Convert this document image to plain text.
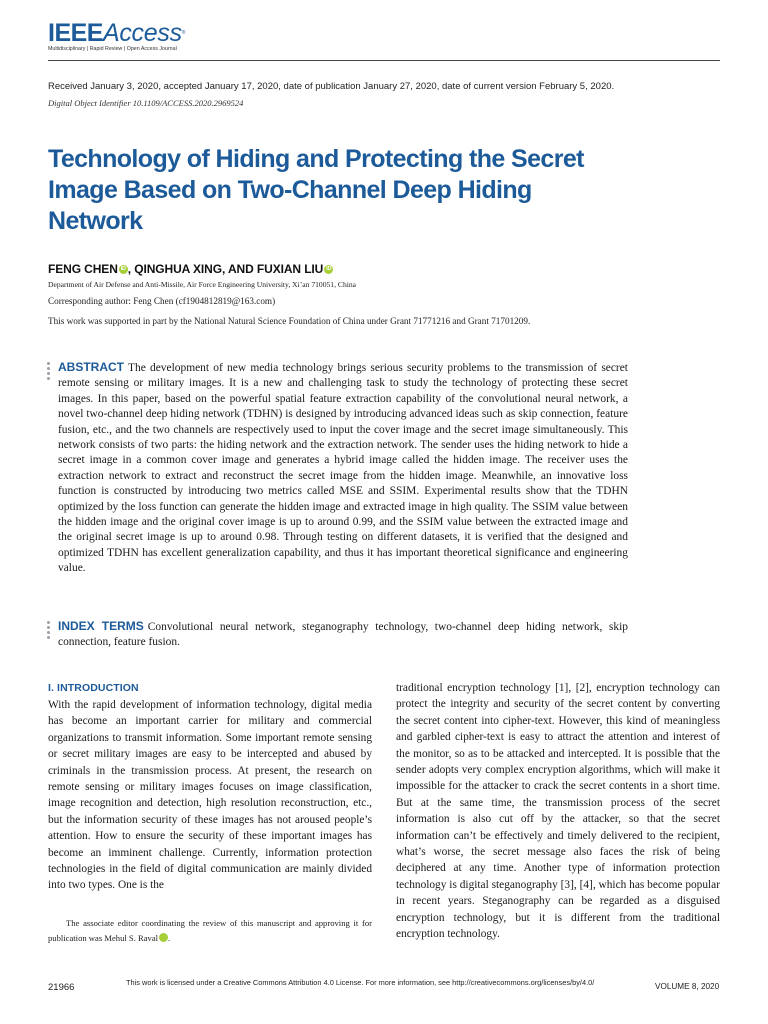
IEEEAccess®
Multidisciplinary | Rapid Review | Open Access Journal
Received January 3, 2020, accepted January 17, 2020, date of publication January 27, 2020, date of current version February 5, 2020.
Digital Object Identifier 10.1109/ACCESS.2020.2969524
Technology of Hiding and Protecting the Secret Image Based on Two-Channel Deep Hiding Network
FENG CHEN iD , QINGHUA XING, AND FUXIAN LIU iD
Department of Air Defense and Anti-Missile, Air Force Engineering University, Xi’an 710051, China
Corresponding author: Feng Chen (cf1904812819@163.com)
This work was supported in part by the National Natural Science Foundation of China under Grant 71771216 and Grant 71701209.

ABSTRACT The development of new media technology brings serious security problems to the transmission of secret remote sensing or military images. It is a new and challenging task to study the technology of protecting these secret images. In this paper, based on the powerful spatial feature extraction capability of the convolutional neural network, a novel two-channel deep hiding network (TDHN) is designed by introducing advanced ideas such as skip connection, feature fusion, etc., and the two channels are respectively used to input the cover image and the secret image simultaneously. This network consists of two parts: the hiding network and the extraction network. The sender uses the hiding network to hide a secret image in a common cover image and generates a hybrid image called the hidden image. The receiver uses the extraction network to extract and reconstruct the secret image from the hidden image. Meanwhile, an innovative loss function is constructed by introducing two metrics called MSE and SSIM. Experimental results show that the TDHN optimized by the loss function can generate the hidden image and extracted image in high quality. The SSIM value between the hidden image and the original cover image is up to around 0.99, and the SSIM value between the extracted image and the original secret image is up to around 0.98. Through testing on different datasets, it is verified that the designed and optimized TDHN has excellent generalization capability, and thus it has important theoretical significance and engineering value.

INDEX TERMS Convolutional neural network, steganography technology, two-channel deep hiding network, skip connection, feature fusion.

I. INTRODUCTION

With the rapid development of information technology, digital media has become an important carrier for military and commercial organizations to transmit information. Some important remote sensing or secret military images are easy to be intercepted and abused by criminals in the transmission process. At present, the research on remote sensing or military images focuses on image classification, image recognition and detection, high resolution reconstruction, etc., but the information security of these images has not aroused people’s attention. How to ensure the security of these important images has become an imminent challenge. Currently, information protection technologies in the field of digital communication are mainly divided into two types. One is the

traditional encryption technology [1], [2], encryption technology can protect the integrity and security of the secret content by converting the secret content into cipher-text. However, this kind of meaningless and garbled cipher-text is easy to attract the attention and interest of the monitor, so as to be attacked and intercepted. It is possible that the sender adopts very complex encryption algorithms, which will make it impossible for the attacker to crack the secret contents in a short time. But at the same time, the transmission process of the secret information is also cut off by the attacker, so that the secret information can’t be effectively and timely delivered to the recipient, what’s worse, the secret message also faces the risk of being deciphered at any time. Another type of information protection technology is digital steganography [3], [4], which has become popular in recent years. Steganography can be regarded as a disguised encryption technology, but it is different from the traditional encryption technology.

The associate editor coordinating the review of this manuscript and approving it for publication was Mehul S. Raval	iD.

21966	This work is licensed under a Creative Commons Attribution 4.0 License. For more information, see http://creativecommons.org/licenses/by/4.0/	VOLUME 8, 2020
